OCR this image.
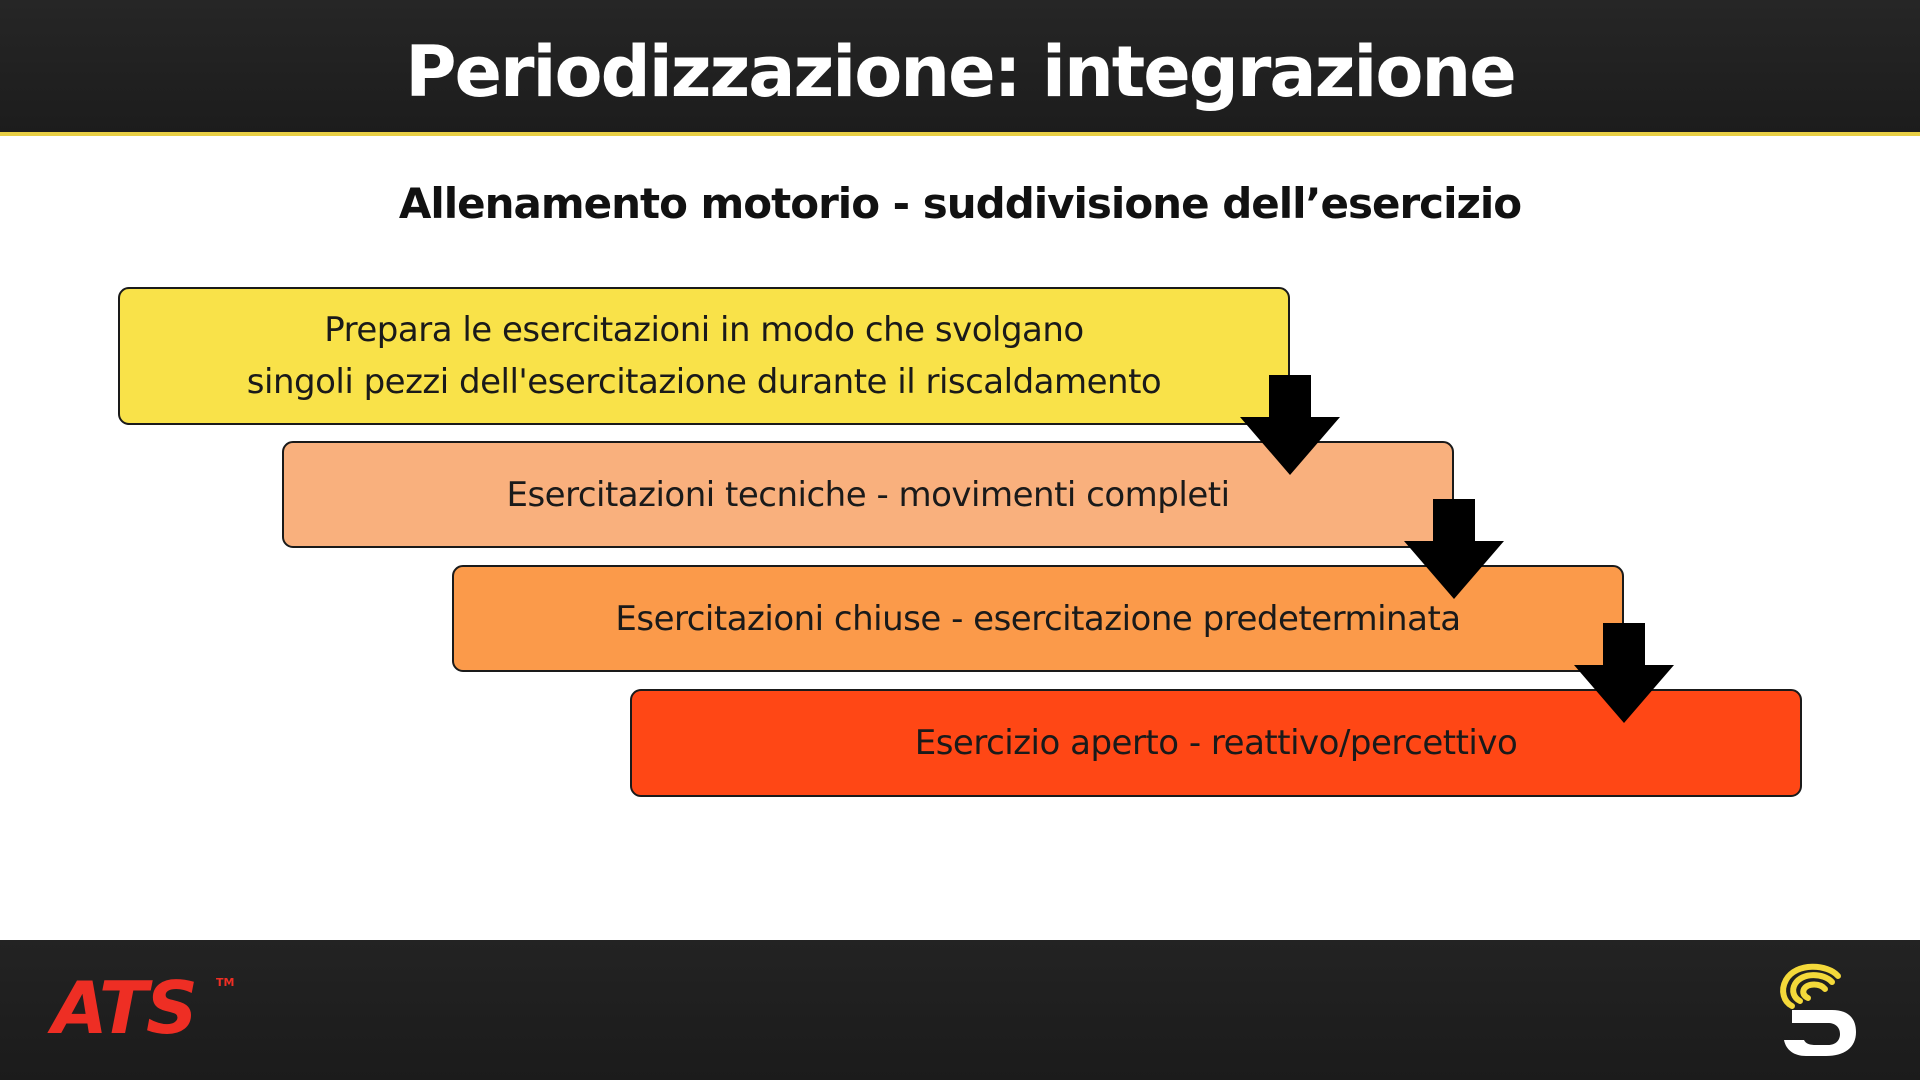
Periodizzazione: integrazione
Allenamento motorio - suddivisione dell’esercizio
Prepara le esercitazioni in modo che svolgano
singoli pezzi dell'esercitazione durante il riscaldamento
Esercitazioni tecniche - movimenti completi
Esercitazioni chiuse - esercitazione predeterminata
Esercizio aperto - reattivo/percettivo
ATS TM
